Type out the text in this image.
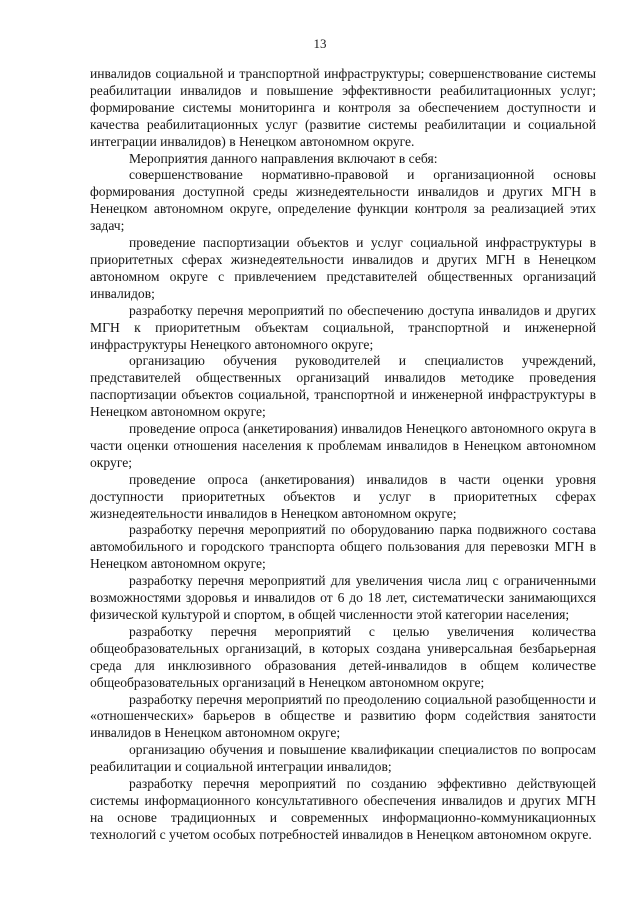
13

инвалидов социальной и транспортной инфраструктуры; совершенствование системы реабилитации инвалидов и повышение эффективности реабилитационных услуг; формирование системы мониторинга и контроля за обеспечением доступности и качества реабилитационных услуг (развитие системы реабилитации и социальной интеграции инвалидов) в Ненецком автономном округе.

Мероприятия данного направления включают в себя:

совершенствование нормативно-правовой и организационной основы формирования доступной среды жизнедеятельности инвалидов и других МГН в Ненецком автономном округе, определение функции контроля за реализацией этих задач;

проведение паспортизации объектов и услуг социальной инфраструктуры в приоритетных сферах жизнедеятельности инвалидов и других МГН в Ненецком автономном округе с привлечением представителей общественных организаций инвалидов;

разработку перечня мероприятий по обеспечению доступа инвалидов и других МГН к приоритетным объектам социальной, транспортной и инженерной инфраструктуры Ненецкого автономного округе;

организацию обучения руководителей и специалистов учреждений, представителей общественных организаций инвалидов методике проведения паспортизации объектов социальной, транспортной и инженерной инфраструктуры в Ненецком автономном округе;

проведение опроса (анкетирования) инвалидов Ненецкого автономного округа в части оценки отношения населения к проблемам инвалидов в Ненецком автономном округе;

проведение опроса (анкетирования) инвалидов в части оценки уровня доступности приоритетных объектов и услуг в приоритетных сферах жизнедеятельности инвалидов в Ненецком автономном округе;

разработку перечня мероприятий по оборудованию парка подвижного состава автомобильного и городского транспорта общего пользования для перевозки МГН в Ненецком автономном округе;

разработку перечня мероприятий для увеличения числа лиц с ограниченными возможностями здоровья и инвалидов от 6 до 18 лет, систематически занимающихся физической культурой и спортом, в общей численности этой категории населения;

разработку перечня мероприятий с целью увеличения количества общеобразовательных организаций, в которых создана универсальная безбарьерная среда для инклюзивного образования детей-инвалидов в общем количестве общеобразовательных организаций в Ненецком автономном округе;

разработку перечня мероприятий по преодолению социальной разобщенности и «отношенческих» барьеров в обществе и развитию форм содействия занятости инвалидов в Ненецком автономном округе;

организацию обучения и повышение квалификации специалистов по вопросам реабилитации и социальной интеграции инвалидов;

разработку перечня мероприятий по созданию эффективно действующей системы информационного консультативного обеспечения инвалидов и других МГН на основе традиционных и современных информационно-коммуникационных технологий с учетом особых потребностей инвалидов в Ненецком автономном округе.
